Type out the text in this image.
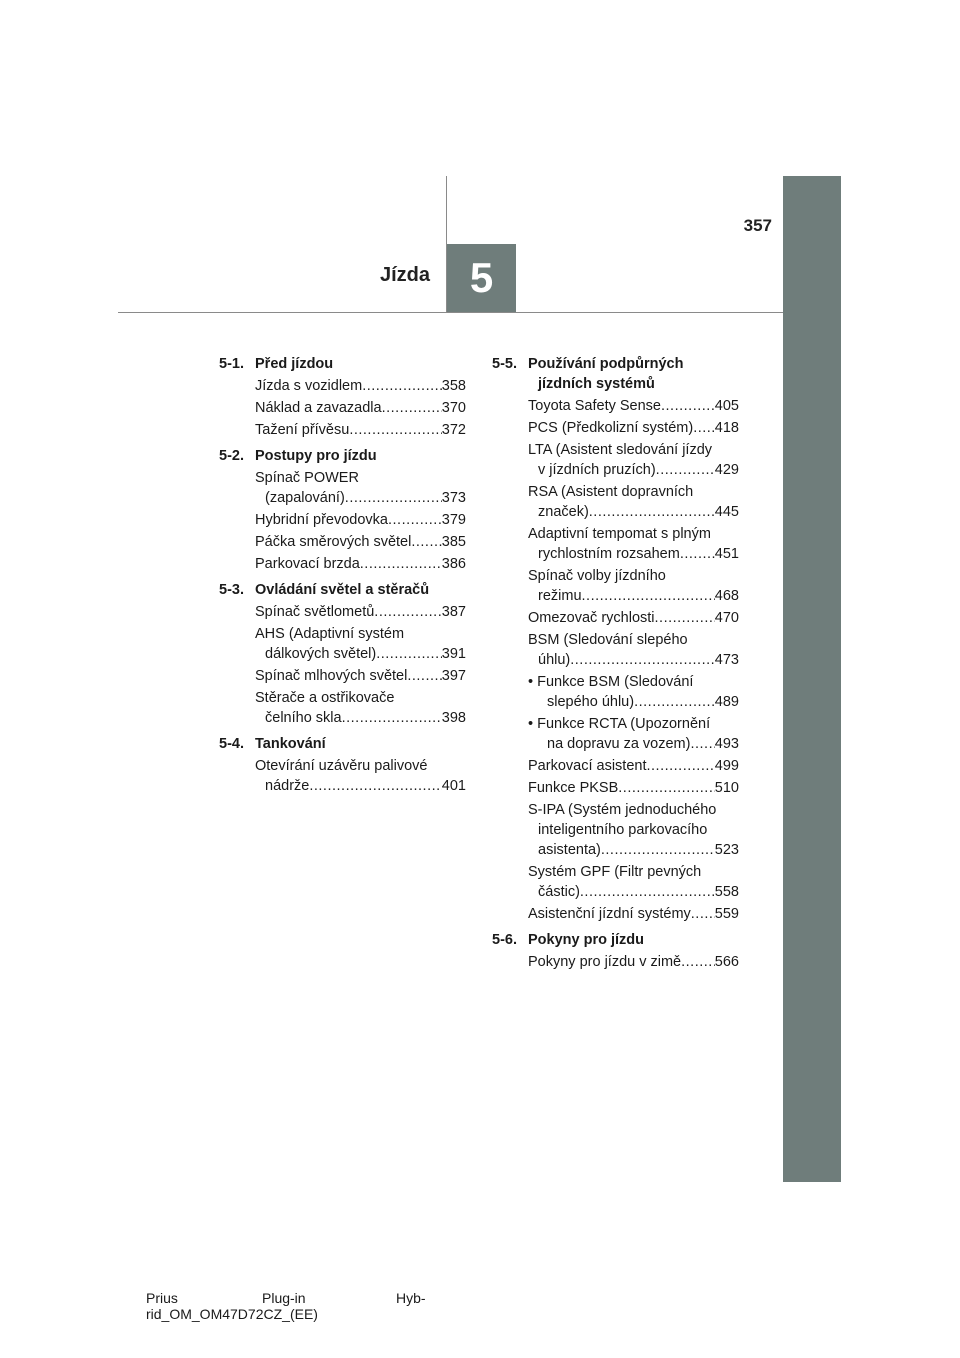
357
Jízda 5
5-1. Před jízdou
Jízda s vozidlem .....	358
Náklad a zavazadla .....	370
Tažení přívěsu .....	372
5-2. Postupy pro jízdu
Spínač POWER
(zapalování) .....	373
Hybridní převodovka .....	379
Páčka směrových světel ..... 385
Parkovací brzda .....	386
5-3. Ovládání světel a stěračů
Spínač světlometů .....	387
AHS (Adaptivní systém
dálkových světel) .....	391
Spínač mlhových světel ..... 397
Stěrače a ostřikovače
čelního skla .....	398
5-4. Tankování
Otevírání uzávěru palivové
nádrže .....	401
5-5. Používání podpůrných
jízdních systémů
Toyota Safety Sense .....	405
PCS (Předkolizní systém) ..... 418
LTA (Asistent sledování jízdy
v jízdních pruzích) .....	429
RSA (Asistent dopravních
značek) .....	445
Adaptivní tempomat s plným
rychlostním rozsahem ..... 451
Spínač volby jízdního
režimu .....	468
Omezovač rychlosti .....	470
BSM (Sledování slepého
úhlu) .....	473
• Funkce BSM (Sledování
slepého úhlu) .....	489
• Funkce RCTA (Upozornění
na dopravu za vozem) ..... 493
Parkovací asistent .....	499
Funkce PKSB .....	510
S-IPA (Systém jednoduchého
inteligentního parkovacího
asistenta) .....	523
Systém GPF (Filtr pevných
částic) .....	558
Asistenční jízdní systémy ..... 559
5-6. Pokyny pro jízdu
Pokyny pro jízdu v zimě ..... 566
Prius	Plug-in	Hyb-
rid_OM_OM47D72CZ_(EE)
